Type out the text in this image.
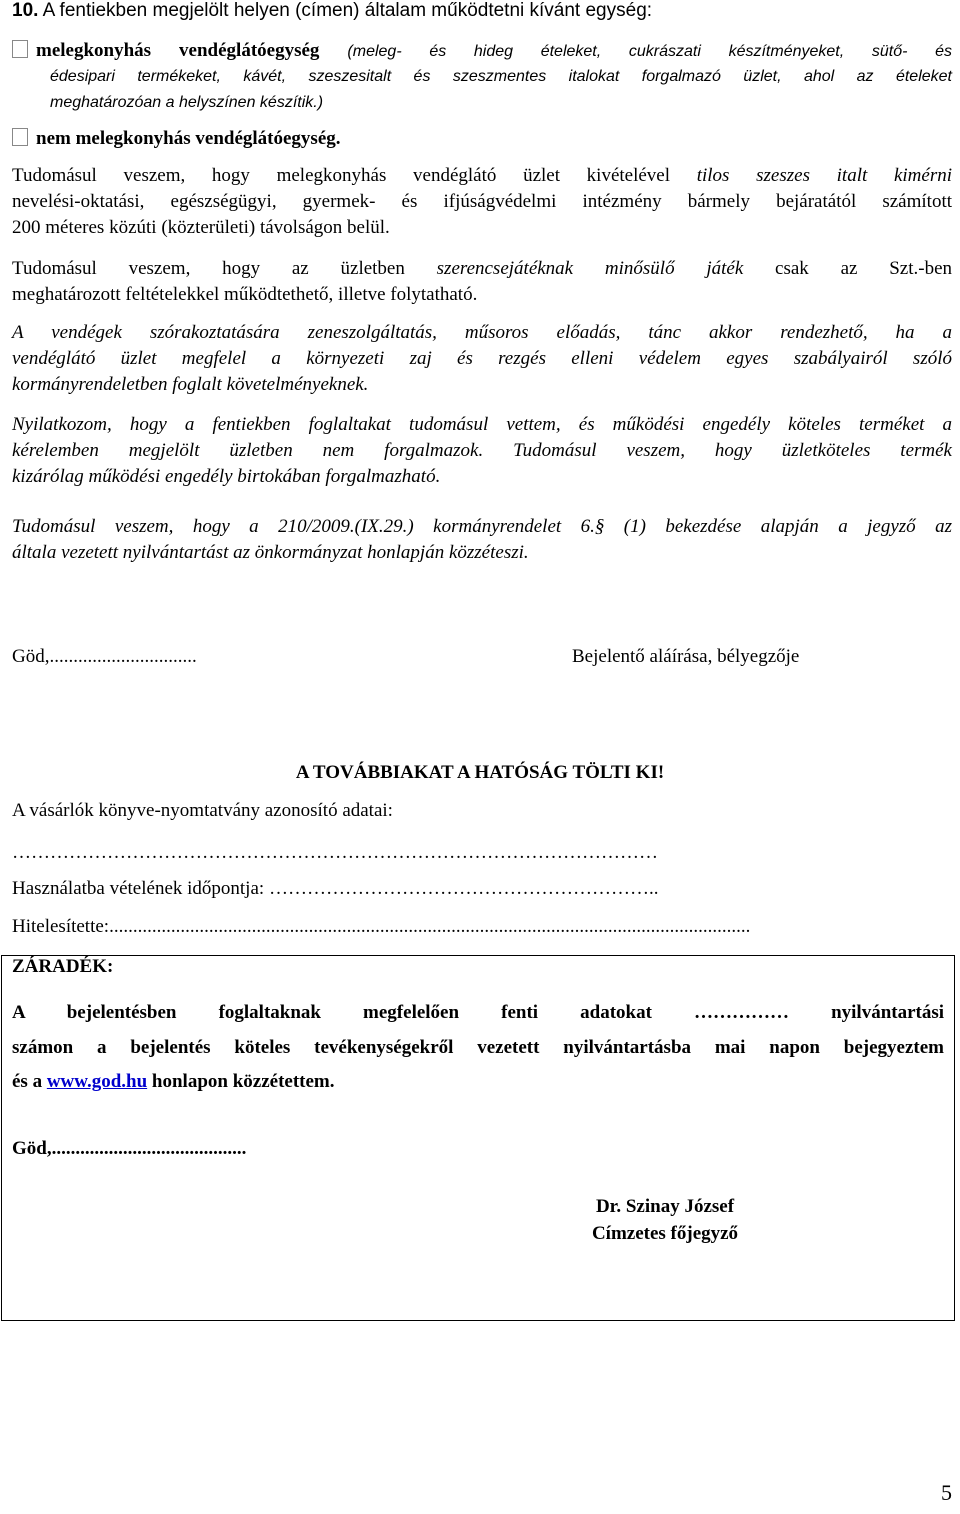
10. A fentiekben megjelölt helyen (címen) általam működtetni kívánt egység:
melegkonyhás vendéglátóegység (meleg- és hideg ételeket, cukrászati készítményeket, sütő- és
édesipari termékeket, kávét, szeszesitalt és szeszmentes italokat forgalmazó üzlet, ahol az ételeket
meghatározóan a helyszínen készítik.)
nem melegkonyhás vendéglátóegység.

Tudomásul veszem, hogy melegkonyhás vendéglátó üzlet kivételével tilos szeszes italt kimérni

nevelési-oktatási, egészségügyi, gyermek- és ifjúságvédelmi intézmény bármely bejáratától számított

200 méteres közúti (közterületi) távolságon belül.

Tudomásul veszem, hogy az üzletben szerencsejátéknak minősülő játék csak az Szt.-ben

meghatározott feltételekkel működtethető, illetve folytatható.

A vendégek szórakoztatására zeneszolgáltatás, műsoros előadás, tánc akkor rendezhető, ha a

vendéglátó üzlet megfelel a környezeti zaj és rezgés elleni védelem egyes szabályairól szóló

kormányrendeletben foglalt követelményeknek.

Nyilatkozom, hogy a fentiekben foglaltakat tudomásul vettem, és működési engedély köteles terméket a

kérelemben megjelölt üzletben nem forgalmazok. Tudomásul veszem, hogy üzletköteles termék

kizárólag működési engedély birtokában forgalmazható.

Tudomásul veszem, hogy a 210/2009.(IX.29.) kormányrendelet 6.§ (1) bekezdése alapján a jegyző az

általa vezetett nyilvántartást az önkormányzat honlapján közzéteszi.

Göd,...............................	Bejelentő aláírása, bélyegzője
A TOVÁBBIAKAT A HATÓSÁG TÖLTI KI!
A vásárlók könyve-nyomtatvány azonosító adatai:
…………………………………………………………………………………………
Használatba vételének időpontja: ……………………………………………………..
Hitelesítette:.......................................................................................................................................
ZÁRADÉK:
A bejelentésben foglaltaknak megfelelően fenti adatokat …………… nyilvántartási
számon a bejelentés köteles tevékenységekről vezetett nyilvántartásba mai napon bejegyeztem
és a www.god.hu honlapon közzétettem.
Göd,.........................................
Dr. Szinay József
Címzetes főjegyző
5
